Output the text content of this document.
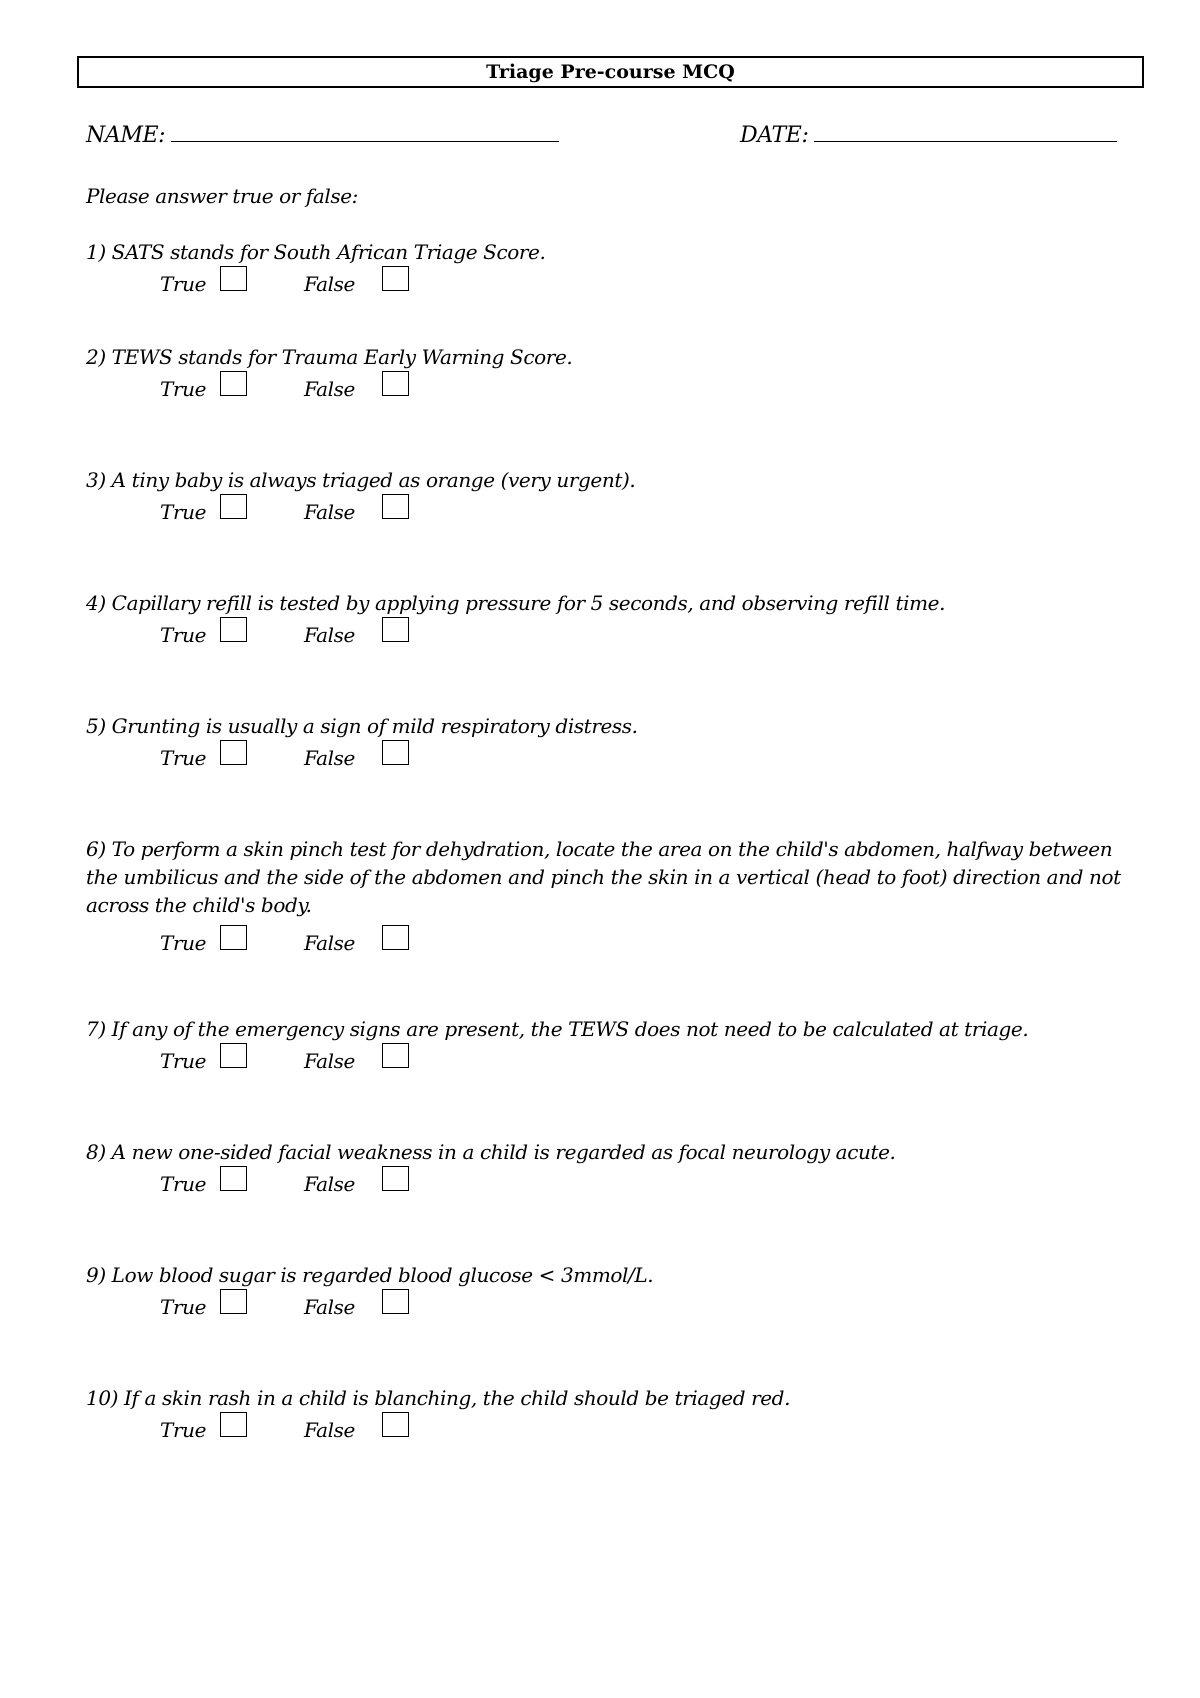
Triage Pre-course MCQ
NAME:	DATE:
Please answer true or false:
1) SATS stands for South African Triage Score.
True	False
2) TEWS stands for Trauma Early Warning Score.
True	False
3) A tiny baby is always triaged as orange (very urgent).
True	False
4) Capillary refill is tested by applying pressure for 5 seconds, and observing refill time.
True	False
5) Grunting is usually a sign of mild respiratory distress.
True	False
6) To perform a skin pinch test for dehydration, locate the area on the child's abdomen, halfway between the umbilicus and the side of the abdomen and pinch the skin in a vertical (head to foot) direction and not across the child's body.
True	False
7) If any of the emergency signs are present, the TEWS does not need to be calculated at triage.
True	False
8) A new one-sided facial weakness in a child is regarded as focal neurology acute.
True	False
9) Low blood sugar is regarded blood glucose < 3mmol/L.
True	False
10) If a skin rash in a child is blanching, the child should be triaged red.
True	False
